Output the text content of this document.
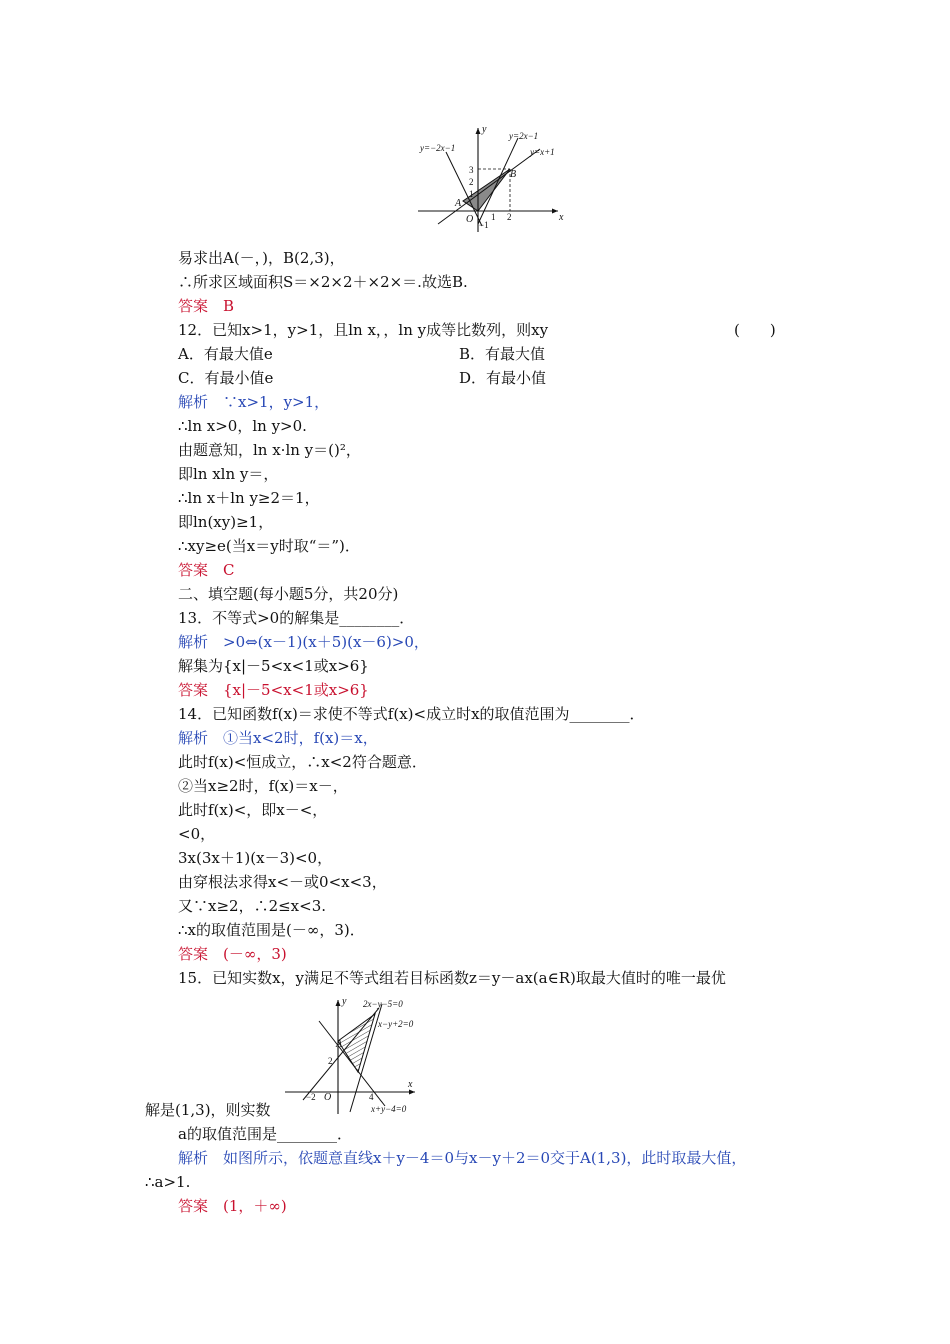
y
x
y=−2x−1
y=2x−1
y=x+1
A
B
O
3
2
1
1 2
−1
y
x
2x−y−5=0
x−y+2=0
x+y−4=0
A
O
2
−2	4
易求出A(－，)，B(2,3)，
∴所求区域面积S＝×2×2＋×2×＝.故选B.
答案　B
12．已知x>1，y>1，且ln x，，ln y成等比数列，则xy	(　　)
A．有最大值e	B．有最大值
C．有最小值e	D．有最小值
解析　∵x>1，y>1，
∴ln x>0，ln y>0.
由题意知，ln x·ln y＝()²，
即ln xln y＝，
∴ln x＋ln y≥2＝1，
即ln(xy)≥1，
∴xy≥e(当x＝y时取“＝”)．
答案　C
二、填空题(每小题5分，共20分)
13．不等式>0的解集是________．
解析　>0⇔(x－1)(x＋5)(x－6)>0，
解集为{x|－5<x<1或x>6}
答案　{x|－5<x<1或x>6}
14．已知函数f(x)＝求使不等式f(x)<成立时x的取值范围为________．
解析　①当x<2时，f(x)＝x，
此时f(x)<恒成立，∴x<2符合题意．
②当x≥2时，f(x)＝x－，
此时f(x)<，即x－<，
<0，
3x(3x＋1)(x－3)<0，
由穿根法求得x<－或0<x<3，
又∵x≥2，∴2≤x<3.
∴x的取值范围是(－∞，3)．
答案　(－∞，3)
15．已知实数x，y满足不等式组若目标函数z＝y－ax(a∈R)取最大值时的唯一最优
解是(1,3)，则实数
a的取值范围是________．
解析　如图所示，依题意直线x＋y－4＝0与x－y＋2＝0交于A(1,3)，此时取最大值，
∴a>1.
答案　(1，＋∞)
